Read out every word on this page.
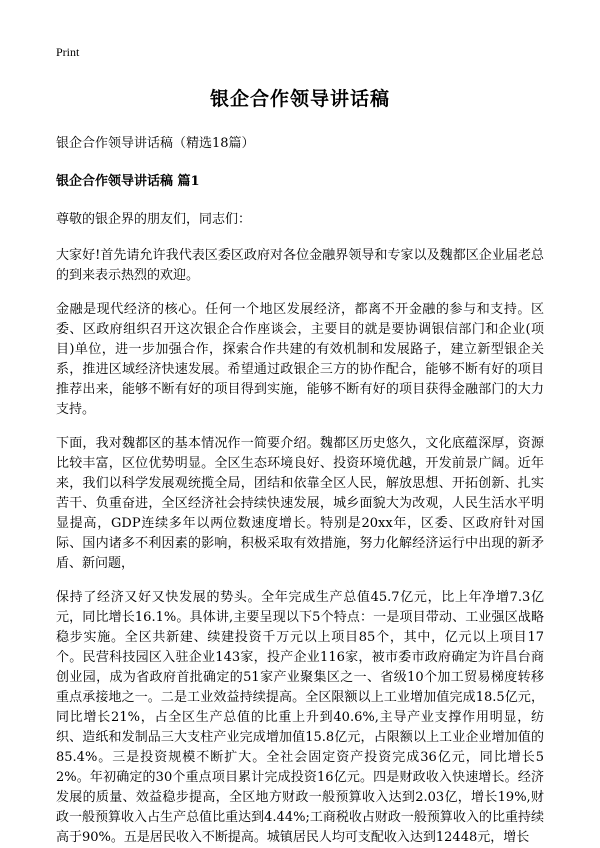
Print
银企合作领导讲话稿
银企合作领导讲话稿（精选18篇）
银企合作领导讲话稿 篇1

尊敬的银企界的朋友们，同志们：

大家好!首先请允许我代表区委区政府对各位金融界领导和专家以及魏都区企业届老总的到来表示热烈的欢迎。

金融是现代经济的核心。任何一个地区发展经济，都离不开金融的参与和支持。区委、区政府组织召开这次银企合作座谈会，主要目的就是要协调银信部门和企业(项目)单位，进一步加强合作，探索合作共建的有效机制和发展路子，建立新型银企关系，推进区域经济快速发展。希望通过政银企三方的协作配合，能够不断有好的项目推荐出来，能够不断有好的项目得到实施，能够不断有好的项目获得金融部门的大力支持。

下面，我对魏都区的基本情况作一简要介绍。魏都区历史悠久，文化底蕴深厚，资源比较丰富，区位优势明显。全区生态环境良好、投资环境优越，开发前景广阔。近年来，我们以科学发展观统揽全局，团结和依靠全区人民，解放思想、开拓创新、扎实苦干、负重奋进，全区经济社会持续快速发展，城乡面貌大为改观，人民生活水平明显提高，GDP连续多年以两位数速度增长。特别是20xx年，区委、区政府针对国际、国内诸多不利因素的影响，积极采取有效措施，努力化解经济运行中出现的新矛盾、新问题，

保持了经济又好又快发展的势头。全年完成生产总值45.7亿元，比上年净增7.3亿元，同比增长16.1%。具体讲,主要呈现以下5个特点：一是项目带动、工业强区战略稳步实施。全区共新建、续建投资千万元以上项目85个，其中，亿元以上项目17个。民营科技园区入驻企业143家，投产企业116家，被市委市政府确定为许昌台商创业园，成为省政府首批确定的51家产业聚集区之一、省级10个加工贸易梯度转移重点承接地之一。二是工业效益持续提高。全区限额以上工业增加值完成18.5亿元，同比增长21%，占全区生产总值的比重上升到40.6%,主导产业支撑作用明显，纺织、造纸和发制品三大支柱产业完成增加值15.8亿元，占限额以上工业企业增加值的85.4%。三是投资规模不断扩大。全社会固定资产投资完成36亿元，同比增长52%。年初确定的30个重点项目累计完成投资16亿元。四是财政收入快速增长。经济发展的质量、效益稳步提高，全区地方财政一般预算收入达到2.03亿，增长19%,财政一般预算收入占生产总值比重达到4.44%;工商税收占财政一般预算收入的比重持续高于90%。五是居民收入不断提高。城镇居民人均可支配收入达到12448元，增长
